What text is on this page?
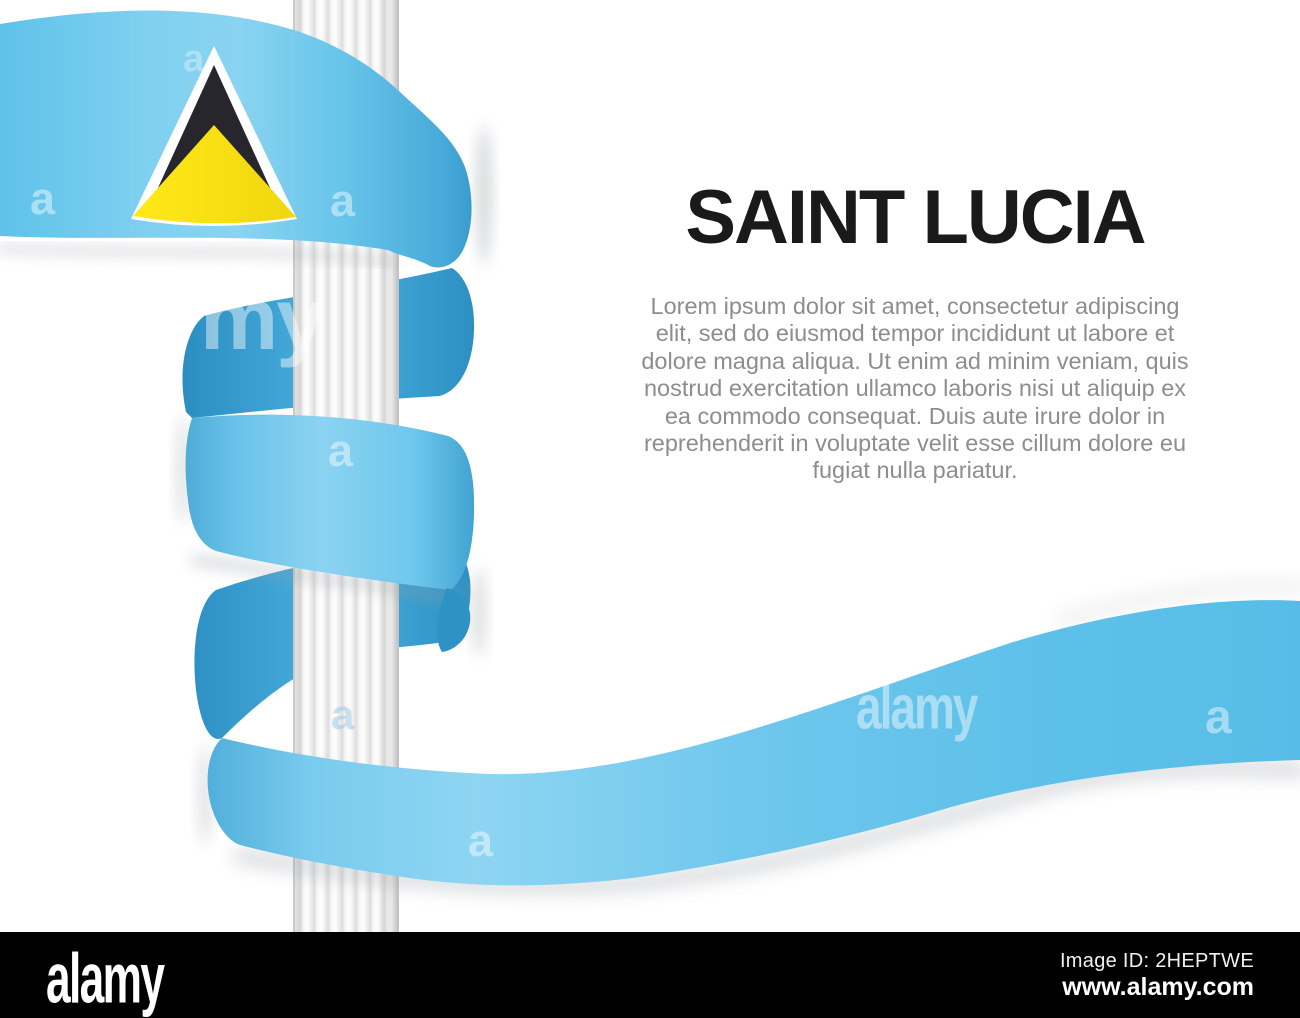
a	a
a
my
a
a
a
alamy	a
SAINT LUCIA
Lorem ipsum dolor sit amet, consectetur adipiscing
elit, sed do eiusmod tempor incididunt ut labore et
dolore magna aliqua. Ut enim ad minim veniam, quis
nostrud exercitation ullamco laboris nisi ut aliquip ex
ea commodo consequat. Duis aute irure dolor in
reprehenderit in voluptate velit esse cillum dolore eu
fugiat nulla pariatur.
alamy	Image ID: 2HEPTWE
www.alamy.com
